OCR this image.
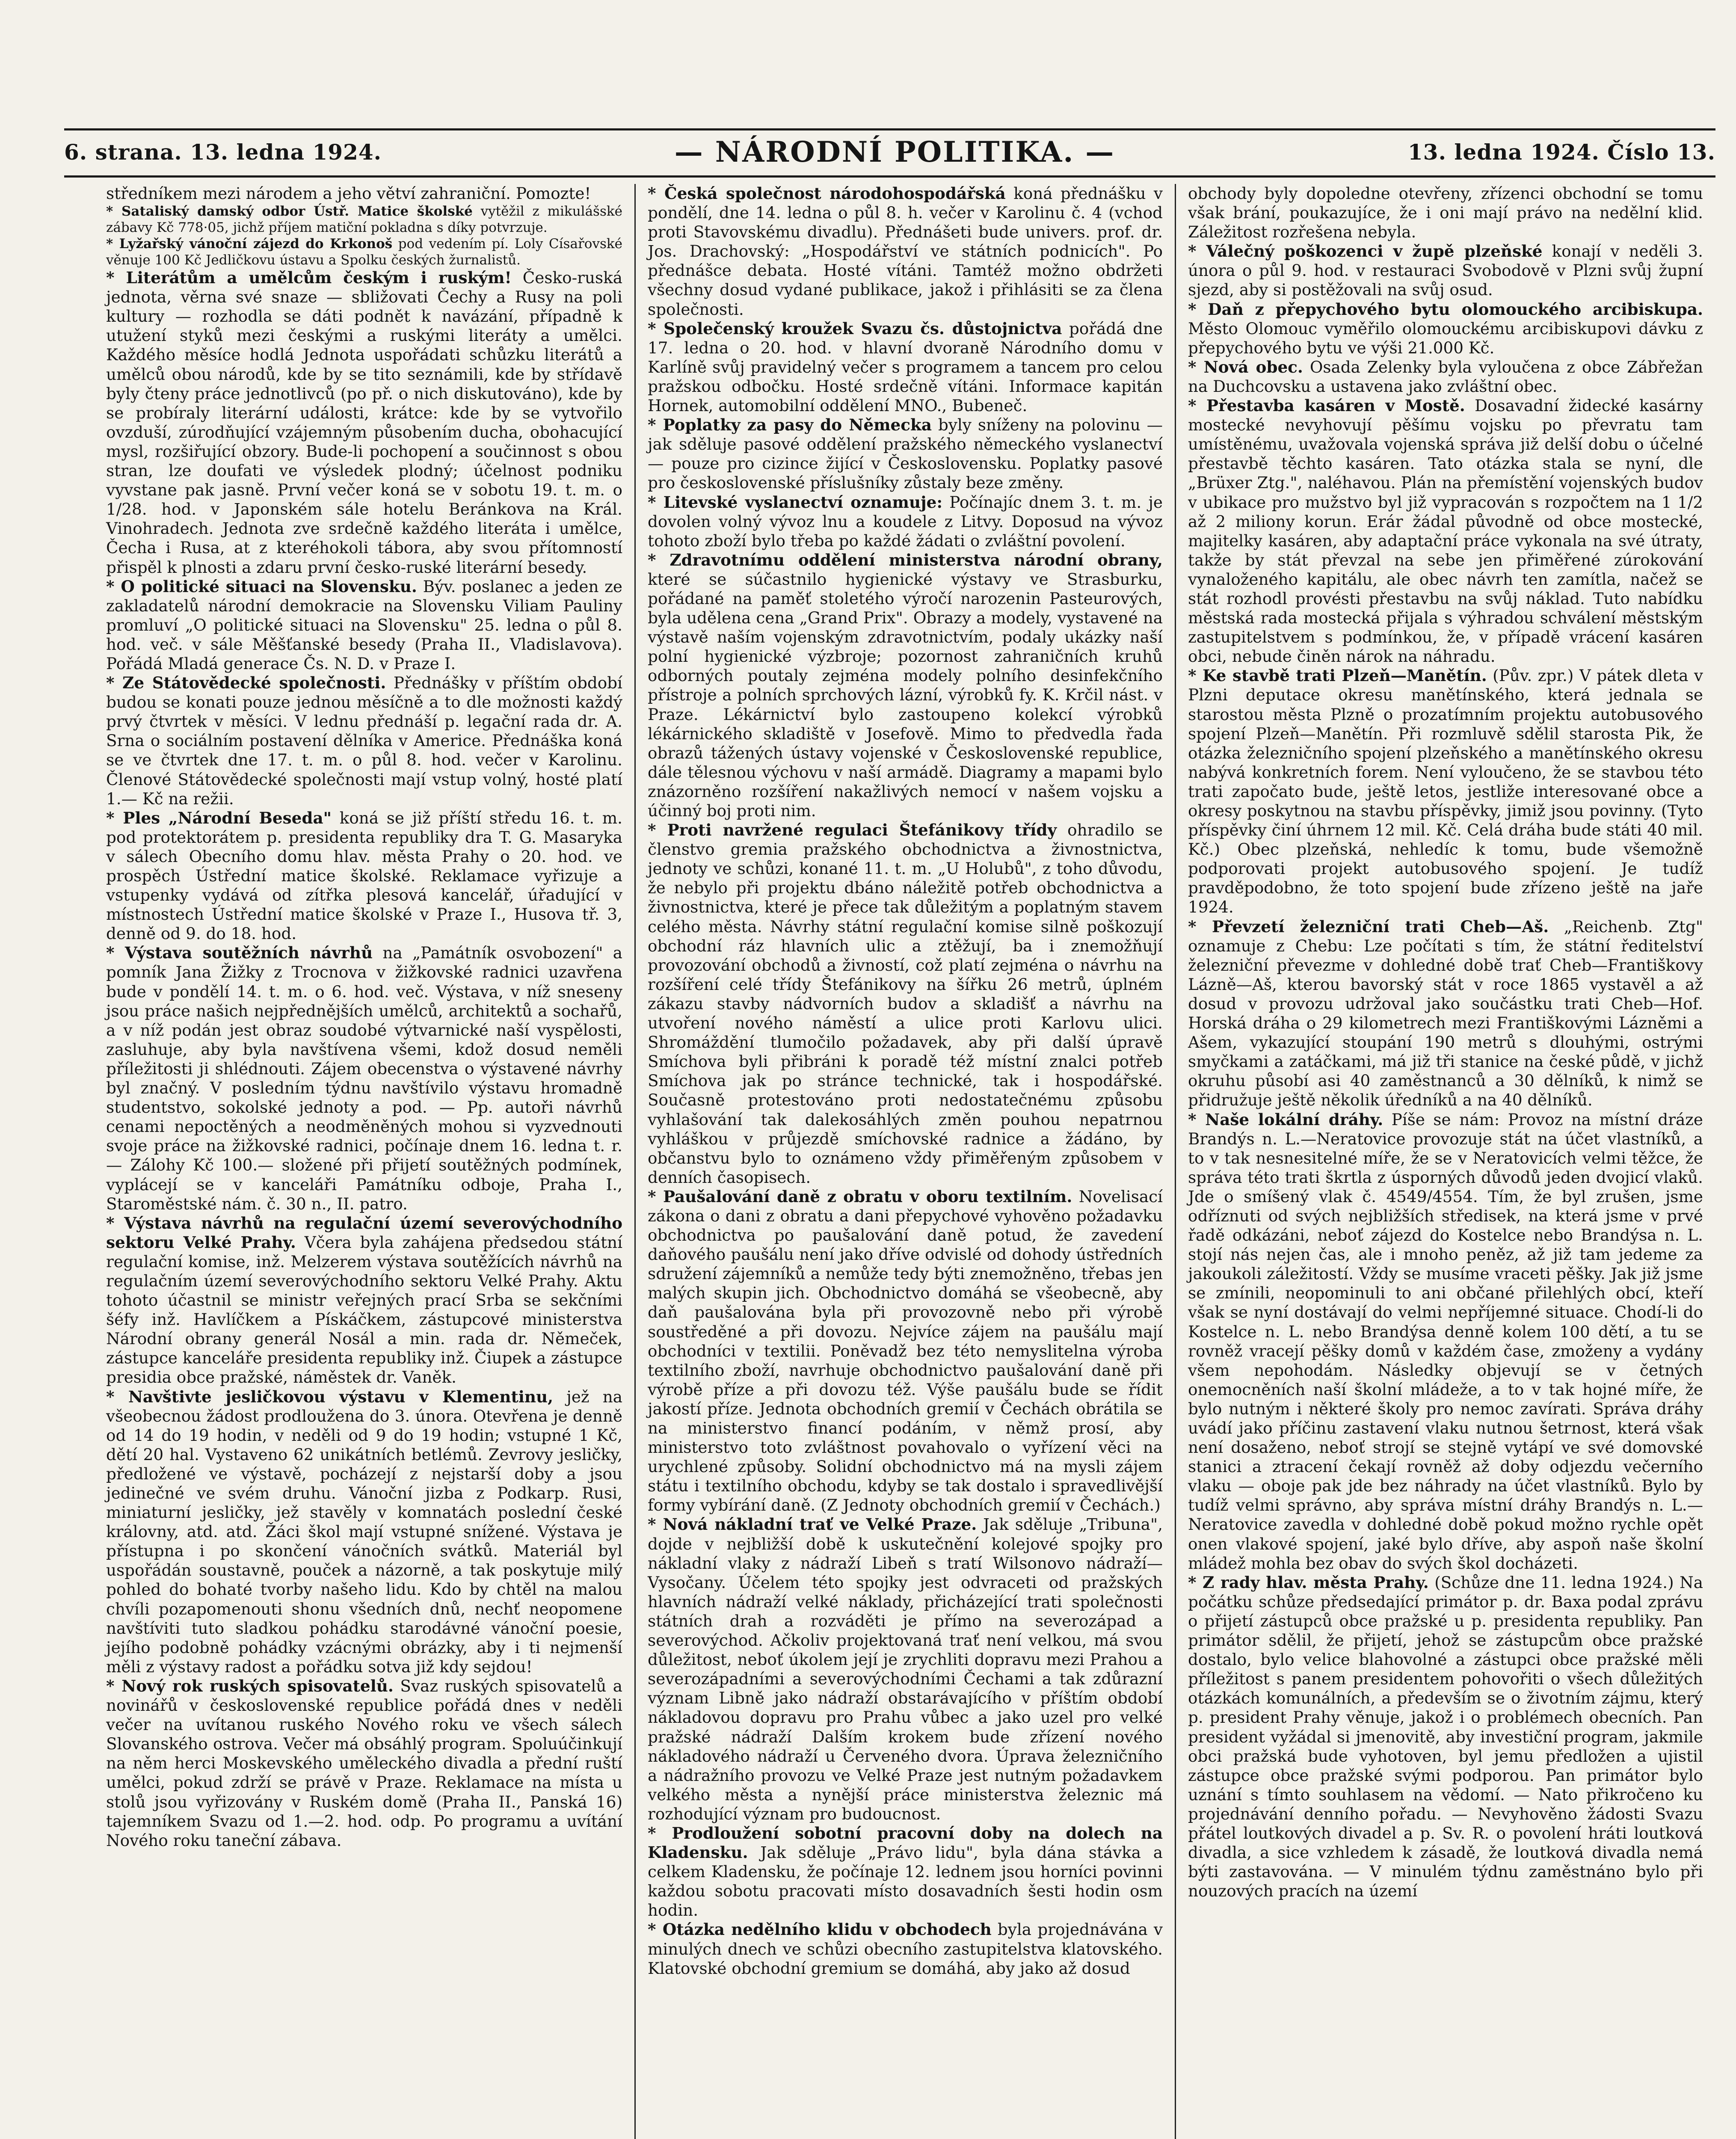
6. strana. 13. ledna 1924.	— NÁRODNÍ POLITIKA. —	13. ledna 1924. Číslo 13.

středníkem mezi národem a jeho větví zahraniční. Pomozte!

* Sataliský damský odbor Ústř. Matice školské vytěžil z mikulášské zábavy Kč 778·05, jichž příjem matiční pokladna s díky potvrzuje.

* Lyžařský vánoční zájezd do Krkonoš pod vedením pí. Loly Císařovské věnuje 100 Kč Jedličkovu ústavu a Spolku českých žurnalistů.

* Literátům a umělcům českým i ruským! Česko-ruská jednota, věrna své snaze — sbližovati Čechy a Rusy na poli kultury — rozhodla se dáti podnět k navázání, případně k utužení styků mezi českými a ruskými literáty a umělci. Každého měsíce hodlá Jednota uspořádati schůzku literátů a umělců obou národů, kde by se tito seznámili, kde by střídavě byly čteny práce jednotlivců (po př. o nich diskutováno), kde by se probíraly literární události, krátce: kde by se vytvořilo ovzduší, zúrodňující vzájemným působením ducha, obohacující mysl, rozšiřující obzory. Bude-li pochopení a součinnost s obou stran, lze doufati ve výsledek plodný; účelnost podniku vyvstane pak jasně. První večer koná se v sobotu 19. t. m. o 1/28. hod. v Japonském sále hotelu Beránkova na Král. Vinohradech. Jednota zve srdečně každého literáta i umělce, Čecha i Rusa, at z kteréhokoli tábora, aby svou přítomností přispěl k plnosti a zdaru první česko-ruské literární besedy.

* O politické situaci na Slovensku. Býv. poslanec a jeden ze zakladatelů národní demokracie na Slovensku Viliam Pauliny promluví „O politické situaci na Slovensku" 25. ledna o půl 8. hod. več. v sále Měšťanské besedy (Praha II., Vladislavova). Pořádá Mladá generace Čs. N. D. v Praze I.

* Ze Státovědecké společnosti. Přednášky v příštím období budou se konati pouze jednou měsíčně a to dle možnosti každý prvý čtvrtek v měsíci. V lednu přednáší p. legační rada dr. A. Srna o sociálním postavení dělníka v Americe. Přednáška koná se ve čtvrtek dne 17. t. m. o půl 8. hod. večer v Karolinu. Členové Státovědecké společnosti mají vstup volný, hosté platí 1.— Kč na režii.

* Ples „Národní Beseda" koná se již příští středu 16. t. m. pod protektorátem p. presidenta republiky dra T. G. Masaryka v sálech Obecního domu hlav. města Prahy o 20. hod. ve prospěch Ústřední matice školské. Reklamace vyřizuje a vstupenky vydává od zítřka plesová kancelář, úřadující v místnostech Ústřední matice školské v Praze I., Husova tř. 3, denně od 9. do 18. hod.

* Výstava soutěžních návrhů na „Památník osvobození" a pomník Jana Žižky z Trocnova v žižkovské radnici uzavřena bude v pondělí 14. t. m. o 6. hod. več. Výstava, v níž sneseny jsou práce našich nejpřednějších umělců, architektů a sochařů, a v níž podán jest obraz soudobé výtvarnické naší vyspělosti, zasluhuje, aby byla navštívena všemi, kdož dosud neměli příležitosti ji shlédnouti. Zájem obecenstva o výstavené návrhy byl značný. V posledním týdnu navštívilo výstavu hromadně studentstvo, sokolské jednoty a pod. — Pp. autoři návrhů cenami nepoctěných a neodměněných mohou si vyzvednouti svoje práce na žižkovské radnici, počínaje dnem 16. ledna t. r. — Zálohy Kč 100.— složené při přijetí soutěžných podmínek, vyplácejí se v kanceláři Památníku odboje, Praha I., Staroměstské nám. č. 30 n., II. patro.

* Výstava návrhů na regulační území severovýchodního sektoru Velké Prahy. Včera byla zahájena předsedou státní regulační komise, inž. Melzerem výstava soutěžících návrhů na regulačním území severovýchodního sektoru Velké Prahy. Aktu tohoto účastnil se ministr veřejných prací Srba se sekčními šéfy inž. Havlíčkem a Pískáčkem, zástupcové ministerstva Národní obrany generál Nosál a min. rada dr. Němeček, zástupce kanceláře presidenta republiky inž. Čiupek a zástupce presidia obce pražské, náměstek dr. Vaněk.

* Navštivte jesličkovou výstavu v Klementinu, jež na všeobecnou žádost prodloužena do 3. února. Otevřena je denně od 14 do 19 hodin, v neděli od 9 do 19 hodin; vstupné 1 Kč, dětí 20 hal. Vystaveno 62 unikátních betlémů. Zevrovy jesličky, předložené ve výstavě, pocházejí z nejstarší doby a jsou jedinečné ve svém druhu. Vánoční jizba z Podkarp. Rusi, miniaturní jesličky, jež stavěly v komnatách poslední české královny, atd. atd. Žáci škol mají vstupné snížené. Výstava je přístupna i po skončení vánočních svátků. Materiál byl uspořádán soustavně, pouček a názorně, a tak poskytuje milý pohled do bohaté tvorby našeho lidu. Kdo by chtěl na malou chvíli pozapomenouti shonu všedních dnů, nechť neopomene navštíviti tuto sladkou pohádku starodávné vánoční poesie, jejího podobně pohádky vzácnými obrázky, aby i ti nejmenší měli z výstavy radost a pořádku sotva již kdy sejdou!

* Nový rok ruských spisovatelů. Svaz ruských spisovatelů a novinářů v československé republice pořádá dnes v neděli večer na uvítanou ruského Nového roku ve všech sálech Slovanského ostrova. Večer má obsáhlý program. Spoluúčinkují na něm herci Moskevského uměleckého divadla a přední ruští umělci, pokud zdrží se právě v Praze. Reklamace na místa u stolů jsou vyřizovány v Ruském domě (Praha II., Panská 16) tajemníkem Svazu od 1.—2. hod. odp. Po programu a uvítání Nového roku taneční zábava.

* Česká společnost národohospodářská koná přednášku v pondělí, dne 14. ledna o půl 8. h. večer v Karolinu č. 4 (vchod proti Stavovskému divadlu). Přednášeti bude univers. prof. dr. Jos. Drachovský: „Hospodářství ve státních podnicích". Po přednášce debata. Hosté vítáni. Tamtéž možno obdržeti všechny dosud vydané publikace, jakož i přihlásiti se za člena společnosti.

* Společenský kroužek Svazu čs. důstojnictva pořádá dne 17. ledna o 20. hod. v hlavní dvoraně Národního domu v Karlíně svůj pravidelný večer s programem a tancem pro celou pražskou odbočku. Hosté srdečně vítáni. Informace kapitán Hornek, automobilní oddělení MNO., Bubeneč.

* Poplatky za pasy do Německa byly sníženy na polovinu — jak sděluje pasové oddělení pražského německého vyslanectví — pouze pro cizince žijící v Československu. Poplatky pasové pro československé příslušníky zůstaly beze změny.

* Litevské vyslanectví oznamuje: Počínajíc dnem 3. t. m. je dovolen volný vývoz lnu a koudele z Litvy. Doposud na vývoz tohoto zboží bylo třeba po každé žádati o zvláštní povolení.

* Zdravotnímu oddělení ministerstva národní obrany, které se súčastnilo hygienické výstavy ve Strasburku, pořádané na paměť stoletého výročí narozenin Pasteurových, byla udělena cena „Grand Prix". Obrazy a modely, vystavené na výstavě naším vojenským zdravotnictvím, podaly ukázky naší polní hygienické výzbroje; pozornost zahraničních kruhů odborných poutaly zejména modely polního desinfekčního přístroje a polních sprchových lázní, výrobků fy. K. Krčil nást. v Praze. Lékárnictví bylo zastoupeno kolekcí výrobků lékárnického skladiště v Josefově. Mimo to předvedla řada obrazů tážených ústavy vojenské v Československé republice, dále tělesnou výchovu v naší armádě. Diagramy a mapami bylo znázorněno rozšíření nakažlivých nemocí v našem vojsku a účinný boj proti nim.

* Proti navržené regulaci Štefánikovy třídy ohradilo se členstvo gremia pražského obchodnictva a živnostnictva, jednoty ve schůzi, konané 11. t. m. „U Holubů", z toho důvodu, že nebylo při projektu dbáno náležitě potřeb obchodnictva a živnostnictva, které je přece tak důležitým a poplatným stavem celého města. Návrhy státní regulační komise silně poškozují obchodní ráz hlavních ulic a ztěžují, ba i znemožňují provozování obchodů a živností, což platí zejména o návrhu na rozšíření celé třídy Štefánikovy na šířku 26 metrů, úplném zákazu stavby nádvorních budov a skladišť a návrhu na utvoření nového náměstí a ulice proti Karlovu ulici. Shromáždění tlumočilo požadavek, aby při další úpravě Smíchova byli přibráni k poradě též místní znalci potřeb Smíchova jak po stránce technické, tak i hospodářské. Současně protestováno proti nedostatečnému způsobu vyhlašování tak dalekosáhlých změn pouhou nepatrnou vyhláškou v průjezdě smíchovské radnice a žádáno, by občanstvu bylo to oznámeno vždy přiměřeným způsobem v denních časopisech.

* Paušalování daně z obratu v oboru textilním. Novelisací zákona o dani z obratu a dani přepychové vyhověno požadavku obchodnictva po paušalování daně potud, že zavedení daňového paušálu není jako dříve odvislé od dohody ústředních sdružení zájemníků a nemůže tedy býti znemožněno, třebas jen malých skupin jich. Obchodnictvo domáhá se všeobecně, aby daň paušalována byla při provozovně nebo při výrobě soustředěné a při dovozu. Nejvíce zájem na paušálu mají obchodníci v textilii. Poněvadž bez této nemyslitelna výroba textilního zboží, navrhuje obchodnictvo paušalování daně při výrobě příze a při dovozu též. Výše paušálu bude se řídit jakostí příze. Jednota obchodních gremií v Čechách obrátila se na ministerstvo financí podáním, v němž prosí, aby ministerstvo toto zvláštnost povahovalo o vyřízení věci na urychlené způsoby. Solidní obchodnictvo má na mysli zájem státu i textilního obchodu, kdyby se tak dostalo i spravedlivější formy vybírání daně. (Z Jednoty obchodních gremií v Čechách.)

* Nová nákladní trať ve Velké Praze. Jak sděluje „Tribuna", dojde v nejbližší době k uskutečnění kolejové spojky pro nákladní vlaky z nádraží Libeň s tratí Wilsonovo nádraží—Vysočany. Účelem této spojky jest odvraceti od pražských hlavních nádraží velké náklady, přicházející trati společnosti státních drah a rozváděti je přímo na severozápad a severovýchod. Ačkoliv projektovaná trať není velkou, má svou důležitost, neboť úkolem její je zrychliti dopravu mezi Prahou a severozápadními a severovýchodními Čechami a tak zdůrazní význam Libně jako nádraží obstarávajícího v příštím období nákladovou dopravu pro Prahu vůbec a jako uzel pro velké pražské nádraží Dalším krokem bude zřízení nového nákladového nádraží u Červeného dvora. Úprava železničního a nádražního provozu ve Velké Praze jest nutným požadavkem velkého města a nynější práce ministerstva železnic má rozhodující význam pro budoucnost.

* Prodloužení sobotní pracovní doby na dolech na Kladensku. Jak sděluje „Právo lidu", byla dána stávka a celkem Kladensku, že počínaje 12. lednem jsou horníci povinni každou sobotu pracovati místo dosavadních šesti hodin osm hodin.

* Otázka nedělního klidu v obchodech byla projednávána v minulých dnech ve schůzi obecního zastupitelstva klatovského. Klatovské obchodní gremium se domáhá, aby jako až dosud

obchody byly dopoledne otevřeny, zřízenci obchodní se tomu však brání, poukazujíce, že i oni mají právo na nedělní klid. Záležitost rozřešena nebyla.

* Válečný poškozenci v župě plzeňské konají v neděli 3. února o půl 9. hod. v restauraci Svobodově v Plzni svůj župní sjezd, aby si postěžovali na svůj osud.

* Daň z přepychového bytu olomouckého arcibiskupa. Město Olomouc vyměřilo olomouckému arcibiskupovi dávku z přepychového bytu ve výši 21.000 Kč.

* Nová obec. Osada Zelenky byla vyloučena z obce Zábřežan na Duchcovsku a ustavena jako zvláštní obec.

* Přestavba kasáren v Mostě. Dosavadní židecké kasárny mostecké nevyhovují pěšímu vojsku po převratu tam umístěnému, uvažovala vojenská správa již delší dobu o účelné přestavbě těchto kasáren. Tato otázka stala se nyní, dle „Brüxer Ztg.", naléhavou. Plán na přemístění vojenských budov v ubikace pro mužstvo byl již vypracován s rozpočtem na 1 1/2 až 2 miliony korun. Erár žádal původně od obce mostecké, majitelky kasáren, aby adaptační práce vykonala na své útraty, takže by stát převzal na sebe jen přiměřené zúrokování vynaloženého kapitálu, ale obec návrh ten zamítla, načež se stát rozhodl provésti přestavbu na svůj náklad. Tuto nabídku městská rada mostecká přijala s výhradou schválení městským zastupitelstvem s podmínkou, že, v případě vrácení kasáren obci, nebude činěn nárok na náhradu.

* Ke stavbě trati Plzeň—Manětín. (Pův. zpr.) V pátek dleta v Plzni deputace okresu manětínského, která jednala se starostou města Plzně o prozatímním projektu autobusového spojení Plzeň—Manětín. Při rozmluvě sdělil starosta Pik, že otázka železničního spojení plzeňského a manětínského okresu nabývá konkretních forem. Není vyloučeno, že se stavbou této trati započato bude, ještě letos, jestliže interesované obce a okresy poskytnou na stavbu příspěvky, jimiž jsou povinny. (Tyto příspěvky činí úhrnem 12 mil. Kč. Celá dráha bude státi 40 mil. Kč.) Obec plzeňská, nehledíc k tomu, bude všemožně podporovati projekt autobusového spojení. Je tudíž pravděpodobno, že toto spojení bude zřízeno ještě na jaře 1924.

* Převzetí železniční trati Cheb—Aš. „Reichenb. Ztg" oznamuje z Chebu: Lze počítati s tím, že státní ředitelství železniční převezme v dohledné době trať Cheb—Františkovy Lázně—Aš, kterou bavorský stát v roce 1865 vystavěl a až dosud v provozu udržoval jako součástku trati Cheb—Hof. Horská dráha o 29 kilometrech mezi Františkovými Lázněmi a Ašem, vykazující stoupání 190 metrů s dlouhými, ostrými smyčkami a zatáčkami, má již tři stanice na české půdě, v jichž okruhu působí asi 40 zaměstnanců a 30 dělníků, k nimž se přidružuje ještě několik úředníků a na 40 dělníků.

* Naše lokální dráhy. Píše se nám: Provoz na místní dráze Brandýs n. L.—Neratovice provozuje stát na účet vlastníků, a to v tak nesnesitelné míře, že se v Neratovicích velmi těžce, že správa této trati škrtla z úsporných důvodů jeden dvojicí vlaků. Jde o smíšený vlak č. 4549/4554. Tím, že byl zrušen, jsme odříznuti od svých nejbližších středisek, na která jsme v prvé řadě odkázáni, neboť zájezd do Kostelce nebo Brandýsa n. L. stojí nás nejen čas, ale i mnoho peněz, až již tam jedeme za jakoukoli záležitostí. Vždy se musíme vraceti pěšky. Jak již jsme se zmínili, neopominuli to ani občané přilehlých obcí, kteří však se nyní dostávají do velmi nepříjemné situace. Chodí-li do Kostelce n. L. nebo Brandýsa denně kolem 100 dětí, a tu se rovněž vracejí pěšky domů v každém čase, zmoženy a vydány všem nepohodám. Následky objevují se v četných onemocněních naší školní mládeže, a to v tak hojné míře, že bylo nutným i některé školy pro nemoc zavírati. Správa dráhy uvádí jako příčinu zastavení vlaku nutnou šetrnost, která však není dosaženo, neboť strojí se stejně vytápí ve své domovské stanici a ztracení čekají rovněž až doby odjezdu večerního vlaku — oboje pak jde bez náhrady na účet vlastníků. Bylo by tudíž velmi správno, aby správa místní dráhy Brandýs n. L.—Neratovice zavedla v dohledné době pokud možno rychle opět onen vlakové spojení, jaké bylo dříve, aby aspoň naše školní mládež mohla bez obav do svých škol docházeti.

* Z rady hlav. města Prahy. (Schůze dne 11. ledna 1924.) Na počátku schůze předsedající primátor p. dr. Baxa podal zprávu o přijetí zástupců obce pražské u p. presidenta republiky. Pan primátor sdělil, že přijetí, jehož se zástupcům obce pražské dostalo, bylo velice blahovolné a zástupci obce pražské měli příležitost s panem presidentem pohovořiti o všech důležitých otázkách komunálních, a především se o životním zájmu, který p. president Prahy věnuje, jakož i o problémech obecních. Pan president vyžádal si jmenovitě, aby investiční program, jakmile obci pražská bude vyhotoven, byl jemu předložen a ujistil zástupce obce pražské svými podporou. Pan primátor bylo uznání s tímto souhlasem na vědomí. — Nato přikročeno ku projednávání denního pořadu. — Nevyhověno žádosti Svazu přátel loutkových divadel a p. Sv. R. o povolení hráti loutková divadla, a sice vzhledem k zásadě, že loutková divadla nemá býti zastavována. — V minulém týdnu zaměstnáno bylo při nouzových pracích na území
